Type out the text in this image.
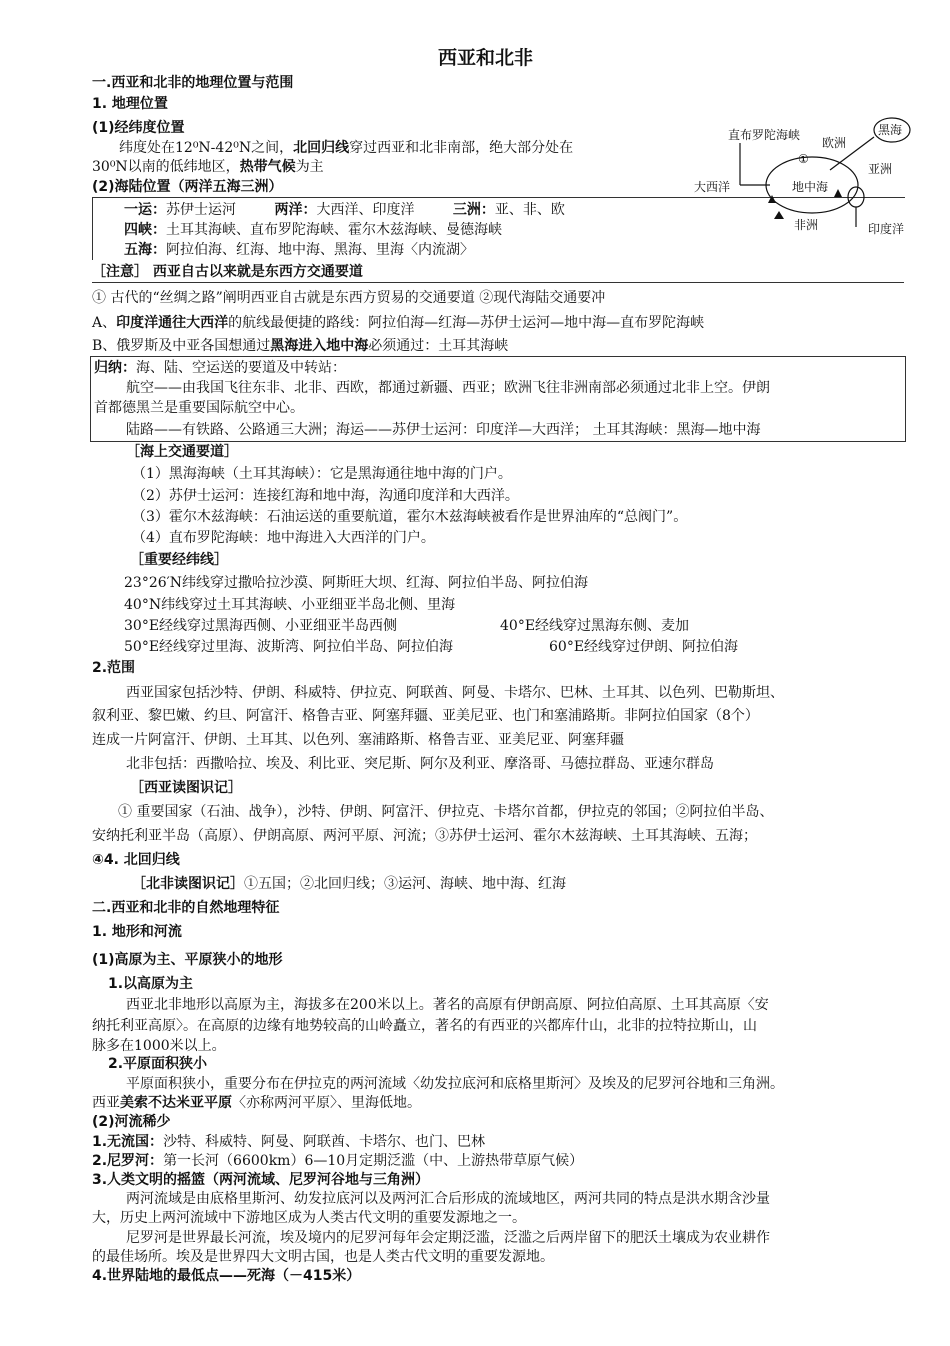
西亚和北非
一.西亚和北非的地理位置与范围
1. 地理位置
(1)经纬度位置
纬度处在12⁰N-42⁰N之间，北回归线穿过西亚和北非南部，绝大部分处在
30⁰N以南的低纬地区，热带气候为主
(2)海陆位置（两洋五海三洲）
一运：苏伊士运河	两洋：大西洋、印度洋	三洲：亚、非、欧
四峡：土耳其海峡、直布罗陀海峡、霍尔木兹海峡、曼德海峡
五海：阿拉伯海、红海、地中海、黑海、里海〈内流湖〉
直布罗陀海峡
欧洲
黑海
①
亚洲
大西洋	地中海
非洲	印度洋
［注意］ 西亚自古以来就是东西方交通要道
① 古代的“丝绸之路”阐明西亚自古就是东西方贸易的交通要道 ②现代海陆交通要冲
A、印度洋通往大西洋的航线最便捷的路线：阿拉伯海—红海—苏伊士运河—地中海—直布罗陀海峡
B、俄罗斯及中亚各国想通过黑海进入地中海必须通过：土耳其海峡
归纳：海、陆、空运送的要道及中转站：
航空——由我国飞往东非、北非、西欧，都通过新疆、西亚；欧洲飞往非洲南部必须通过北非上空。伊朗
首都德黑兰是重要国际航空中心。
陆路——有铁路、公路通三大洲；海运——苏伊士运河：印度洋—大西洋； 土耳其海峡：黑海—地中海
［海上交通要道］
（1）黑海海峡（土耳其海峡）：它是黑海通往地中海的门户。
（2）苏伊士运河：连接红海和地中海，沟通印度洋和大西洋。
（3）霍尔木兹海峡：石油运送的重要航道，霍尔木兹海峡被看作是世界油库的“总阀门”。
（4）直布罗陀海峡：地中海进入大西洋的门户。
［重要经纬线］
23°26′N纬线穿过撒哈拉沙漠、阿斯旺大坝、红海、阿拉伯半岛、阿拉伯海
40°N纬线穿过土耳其海峡、小亚细亚半岛北侧、里海
30°E经线穿过黑海西侧、小亚细亚半岛西侧	40°E经线穿过黑海东侧、麦加
50°E经线穿过里海、波斯湾、阿拉伯半岛、阿拉伯海	60°E经线穿过伊朗、阿拉伯海
2.范围
西亚国家包括沙特、伊朗、科威特、伊拉克、阿联酋、阿曼、卡塔尔、巴林、土耳其、以色列、巴勒斯坦、
叙利亚、黎巴嫩、约旦、阿富汗、格鲁吉亚、阿塞拜疆、亚美尼亚、也门和塞浦路斯。非阿拉伯国家（8个）
连成一片阿富汗、伊朗、土耳其、以色列、塞浦路斯、格鲁吉亚、亚美尼亚、阿塞拜疆
北非包括：西撒哈拉、埃及、利比亚、突尼斯、阿尔及利亚、摩洛哥、马德拉群岛、亚速尔群岛
［西亚读图识记］
① 重要国家（石油、战争），沙特、伊朗、阿富汗、伊拉克、卡塔尔首都，伊拉克的邻国；②阿拉伯半岛、
安纳托利亚半岛（高原）、伊朗高原、两河平原、河流；③苏伊士运河、霍尔木兹海峡、土耳其海峡、五海；
④4. 北回归线
［北非读图识记］①五国；②北回归线；③运河、海峡、地中海、红海
二.西亚和北非的自然地理特征
1. 地形和河流
(1)高原为主、平原狭小的地形
1.以高原为主
西亚北非地形以高原为主，海拔多在200米以上。著名的高原有伊朗高原、阿拉伯高原、土耳其高原〈安
纳托利亚高原〉。在高原的边缘有地势较高的山岭矗立，著名的有西亚的兴都库什山，北非的拉特拉斯山，山
脉多在1000米以上。
2.平原面积狭小
平原面积狭小，重要分布在伊拉克的两河流域〈幼发拉底河和底格里斯河〉及埃及的尼罗河谷地和三角洲。
西亚美索不达米亚平原〈亦称两河平原〉、里海低地。
(2)河流稀少
1.无流国：沙特、科威特、阿曼、阿联酋、卡塔尔、也门、巴林
2.尼罗河：第一长河（6600km）6—10月定期泛滥（中、上游热带草原气候）
3.人类文明的摇篮（两河流域、尼罗河谷地与三角洲）
两河流域是由底格里斯河、幼发拉底河以及两河汇合后形成的流域地区，两河共同的特点是洪水期含沙量
大，历史上两河流域中下游地区成为人类古代文明的重要发源地之一。
尼罗河是世界最长河流，埃及境内的尼罗河每年会定期泛滥，泛滥之后两岸留下的肥沃土壤成为农业耕作
的最佳场所。埃及是世界四大文明古国，也是人类古代文明的重要发源地。
4.世界陆地的最低点——死海（－415米）
